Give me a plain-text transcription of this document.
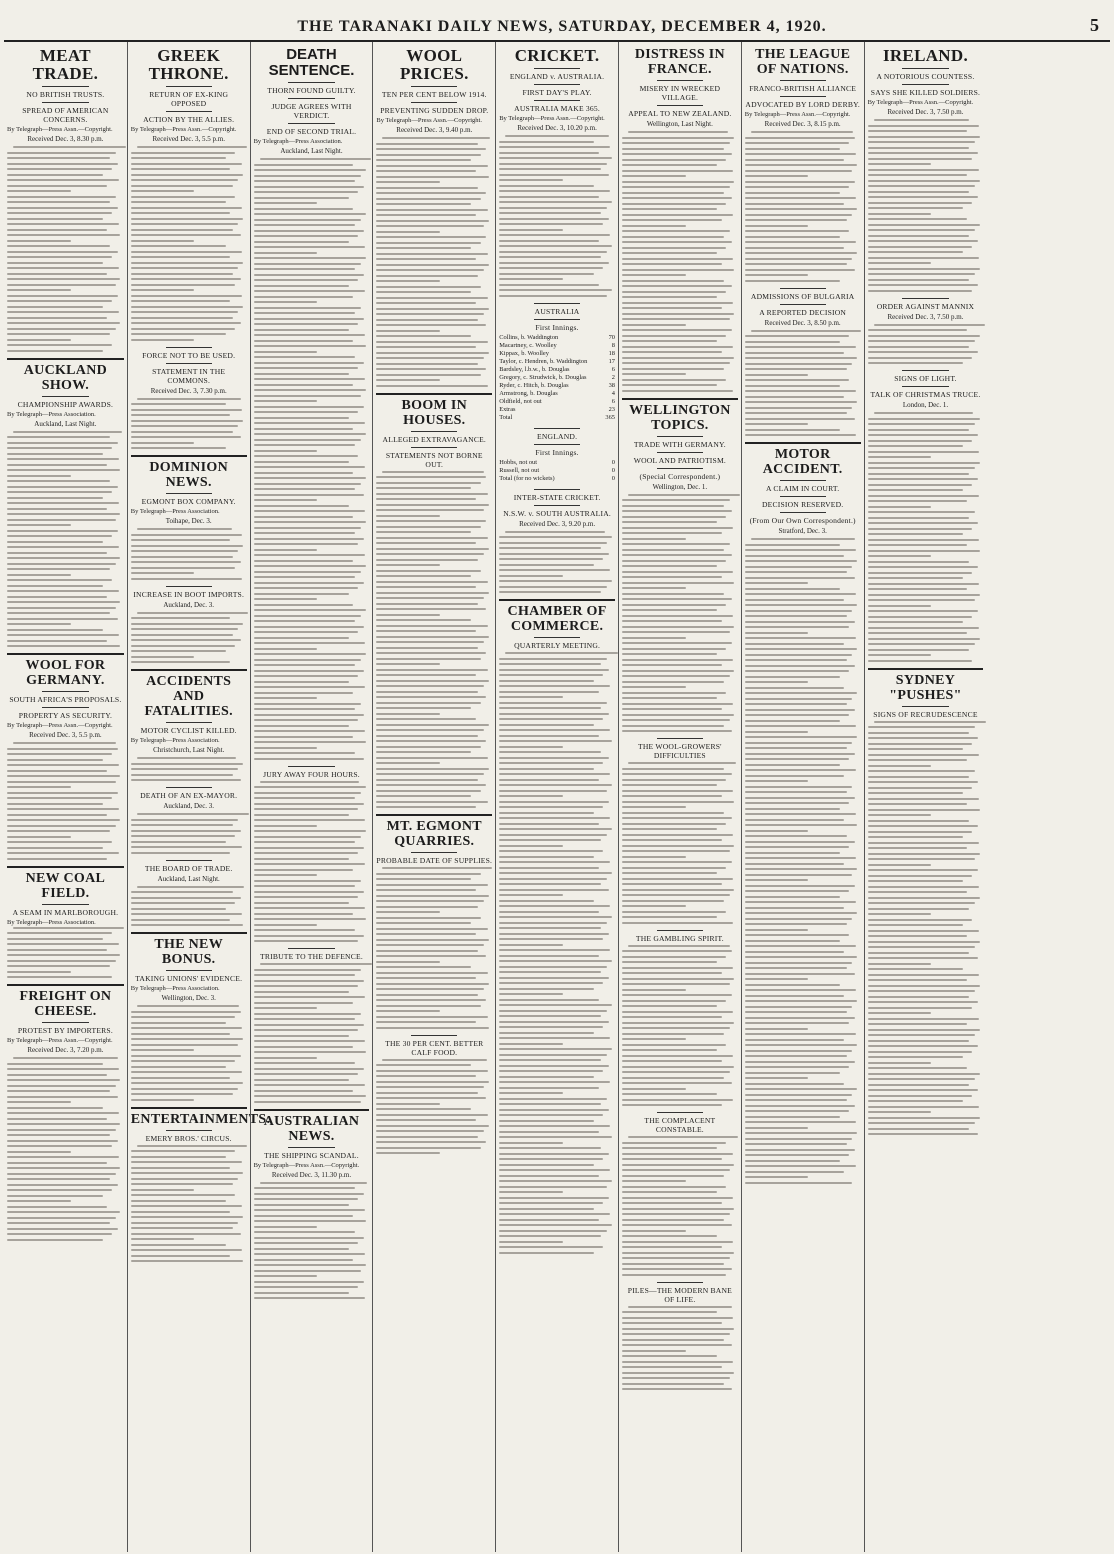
THE TARANAKI DAILY NEWS, SATURDAY, DECEMBER 4, 1920.	5
MEAT TRADE.
NO BRITISH TRUSTS.
SPREAD OF AMERICAN CONCERNS.
By Telegraph—Press Assn.—Copyright.
Received Dec. 3, 8.30 p.m.
AUCKLAND SHOW.
CHAMPIONSHIP AWARDS.
By Telegraph—Press Association.
Auckland, Last Night.
WOOL FOR GERMANY.
SOUTH AFRICA'S PROPOSALS.
PROPERTY AS SECURITY.
By Telegraph—Press Assn.—Copyright.
Received Dec. 3, 5.5 p.m.
NEW COAL FIELD.
A SEAM IN MARLBOROUGH.
By Telegraph—Press Association.
FREIGHT ON CHEESE.
PROTEST BY IMPORTERS.
By Telegraph—Press Assn.—Copyright.
Received Dec. 3, 7.20 p.m.
GREEK THRONE.
RETURN OF EX-KING OPPOSED
ACTION BY THE ALLIES.
By Telegraph—Press Assn.—Copyright.
Received Dec. 3, 5.5 p.m.
FORCE NOT TO BE USED.
STATEMENT IN THE COMMONS.
Received Dec. 3, 7.30 p.m.
DOMINION NEWS.
EGMONT BOX COMPANY.
By Telegraph—Press Association.
Toihape, Dec. 3.
INCREASE IN BOOT IMPORTS.
Auckland, Dec. 3.
ACCIDENTS AND FATALITIES.
MOTOR CYCLIST KILLED.
By Telegraph—Press Association.
Christchurch, Last Night.
DEATH OF AN EX-MAYOR.
Auckland, Dec. 3.
THE BOARD OF TRADE.
Auckland, Last Night.
THE NEW BONUS.
TAKING UNIONS' EVIDENCE.
By Telegraph—Press Association.
Wellington, Dec. 3.
ENTERTAINMENTS.
EMERY BROS.' CIRCUS.
DEATH SENTENCE.
THORN FOUND GUILTY.
JUDGE AGREES WITH VERDICT.
END OF SECOND TRIAL.
By Telegraph—Press Association.
Auckland, Last Night.
JURY AWAY FOUR HOURS.
TRIBUTE TO THE DEFENCE.
AUSTRALIAN NEWS.
THE SHIPPING SCANDAL.
By Telegraph—Press Assn.—Copyright.
Received Dec. 3, 11.30 p.m.
WOOL PRICES.
TEN PER CENT BELOW 1914.
PREVENTING SUDDEN DROP.
By Telegraph—Press Assn.—Copyright.
Received Dec. 3, 9.40 p.m.
BOOM IN HOUSES.
ALLEGED EXTRAVAGANCE.
STATEMENTS NOT BORNE OUT.
MT. EGMONT QUARRIES.
PROBABLE DATE OF SUPPLIES.
THE 30 PER CENT. BETTER CALF FOOD.
CRICKET.
ENGLAND v. AUSTRALIA.
FIRST DAY'S PLAY.
AUSTRALIA MAKE 365.
By Telegraph—Press Assn.—Copyright.
Received Dec. 3, 10.20 p.m.
AUSTRALIA
First Innings.
Collins, b. Waddington	70
Macartney, c. Woolley	8
Kippax, b. Woolley	18
Taylor, c. Hendren, b. Waddington	17
Bardsley, l.b.w., b. Douglas	6
Gregory, c. Strudwick, b. Douglas	2
Ryder, c. Hitch, b. Douglas	38
Armstrong, b. Douglas	4
Oldfield, not out	6
Extras	23
Total	365
ENGLAND.
First Innings.
Hobbs, not out	0
Russell, not out	0
Total (for no wickets)	0
INTER-STATE CRICKET.
N.S.W. v. SOUTH AUSTRALIA.
Received Dec. 3, 9.20 p.m.
CHAMBER OF COMMERCE.
QUARTERLY MEETING.
DISTRESS IN FRANCE.
MISERY IN WRECKED VILLAGE.
APPEAL TO NEW ZEALAND.
Wellington, Last Night.
WELLINGTON TOPICS.
TRADE WITH GERMANY.
WOOL AND PATRIOTISM.
(Special Correspondent.)
Wellington, Dec. 1.
THE WOOL-GROWERS' DIFFICULTIES
THE GAMBLING SPIRIT.
THE COMPLACENT CONSTABLE.
PILES—THE MODERN BANE OF LIFE.
THE LEAGUE OF NATIONS.
FRANCO-BRITISH ALLIANCE
ADVOCATED BY LORD DERBY.
By Telegraph—Press Assn.—Copyright.
Received Dec. 3, 8.15 p.m.
ADMISSIONS OF BULGARIA
A REPORTED DECISION
Received Dec. 3, 8.50 p.m.
MOTOR ACCIDENT.
A CLAIM IN COURT.
DECISION RESERVED.
(From Our Own Correspondent.)
Stratford, Dec. 3.
IRELAND.
A NOTORIOUS COUNTESS.
SAYS SHE KILLED SOLDIERS.
By Telegraph—Press Assn.—Copyright.
Received Dec. 3, 7.50 p.m.
ORDER AGAINST MANNIX
Received Dec. 3, 7.50 p.m.
SIGNS OF LIGHT.
TALK OF CHRISTMAS TRUCE.
London, Dec. 1.
SYDNEY "PUSHES"
SIGNS OF RECRUDESCENCE
